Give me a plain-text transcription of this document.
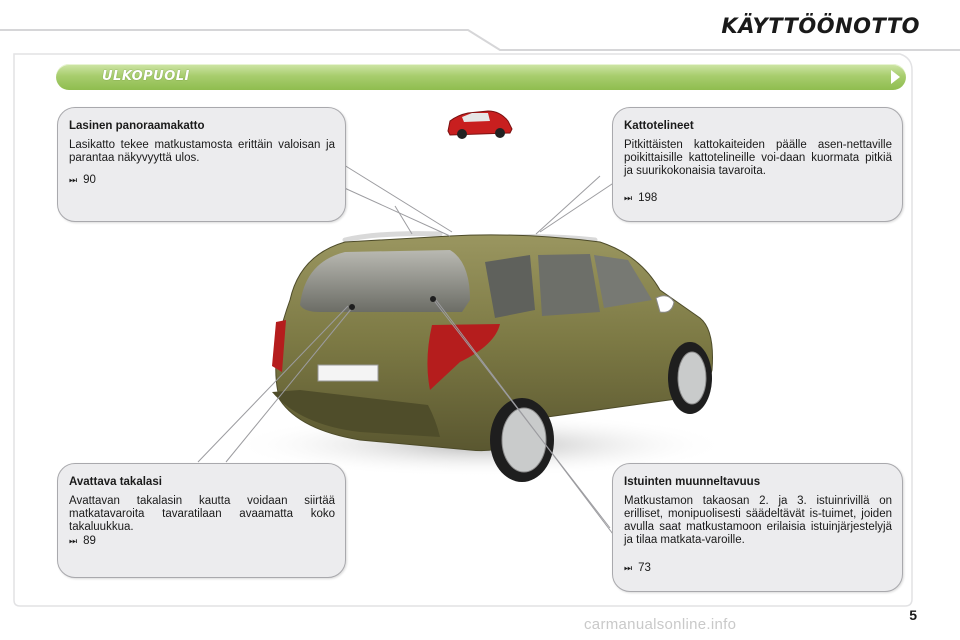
KÄYTTÖÖNOTTO
ULKOPUOLI
Lasinen panoraamakatto
Lasikatto tekee matkustamosta erittäin valoisan ja parantaa näkyvyyttä ulos.
⏭ 90
Kattotelineet
Pitkittäisten kattokaiteiden päälle asen-nettaville poikittaisille kattotelineille voi-daan kuormata pitkiä ja suurikokonaisia tavaroita.
⏭ 198
Avattava takalasi
Avattavan takalasin kautta voidaan siirtää matkatavaroita tavaratilaan avaamatta koko takaluukkua.
⏭ 89
Istuinten muunneltavuus
Matkustamon takaosan 2. ja 3. istuinrivillä on erilliset, monipuolisesti säädeltävät is-tuimet, joiden avulla saat matkustamoon erilaisia istuinjärjestelyjä ja tilaa matkata-varoille.
⏭ 73
5
carmanualsonline.info
